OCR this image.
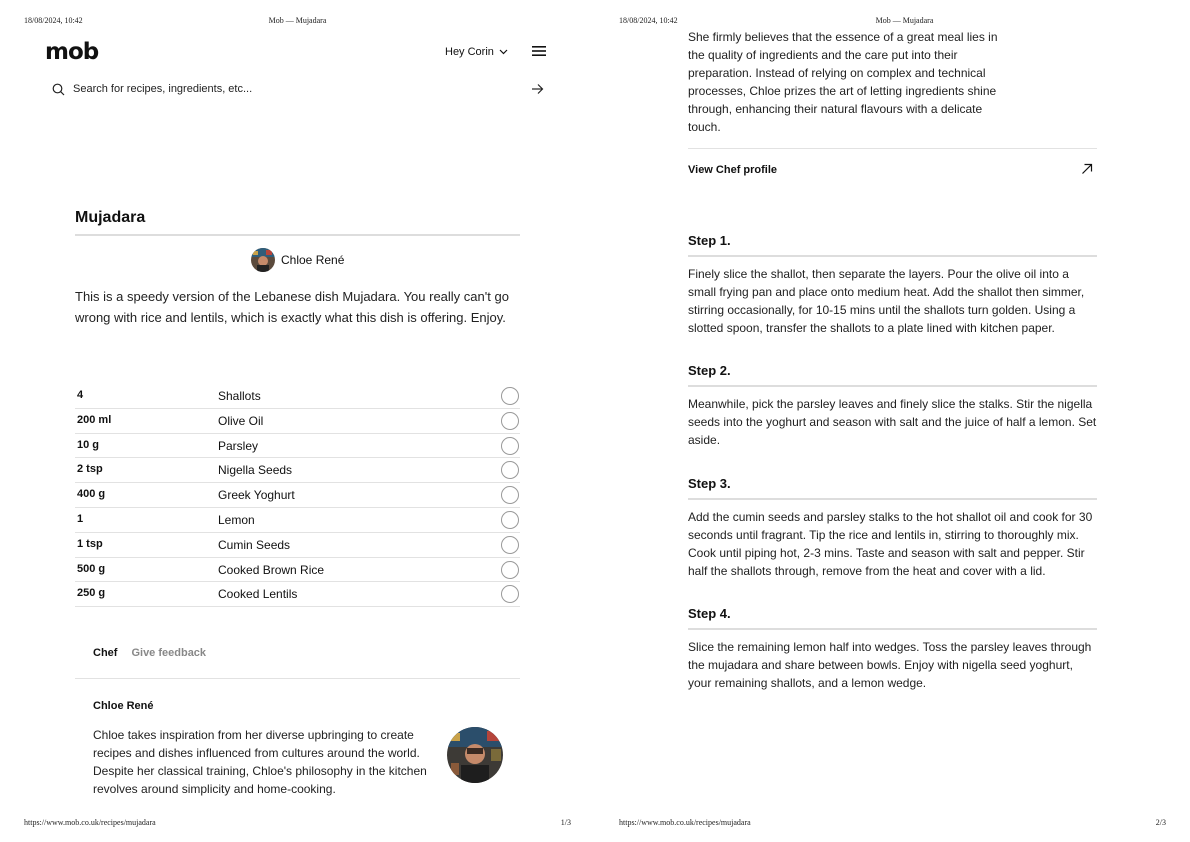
18/08/2024, 10:42	Mob — Mujadara
mob	Hey Corin
Search for recipes, ingredients, etc...
Mujadara
Chloe René

This is a speedy version of the Lebanese dish Mujadara. You really can't go wrong with rice and lentils, which is exactly what this dish is offering. Enjoy.

4	Shallots
200 ml	Olive Oil
10 g	Parsley
2 tsp	Nigella Seeds
400 g	Greek Yoghurt
1	Lemon
1 tsp	Cumin Seeds
500 g	Cooked Brown Rice
250 g	Cooked Lentils
Chef Give feedback
Chloe René

Chloe takes inspiration from her diverse upbringing to create recipes and dishes influenced from cultures around the world. Despite her classical training, Chloe's philosophy in the kitchen revolves around simplicity and home-cooking.

https://www.mob.co.uk/recipes/mujadara	1/3
18/08/2024, 10:42	Mob — Mujadara

She firmly believes that the essence of a great meal lies in the quality of ingredients and the care put into their preparation. Instead of relying on complex and technical processes, Chloe prizes the art of letting ingredients shine through, enhancing their natural flavours with a delicate touch.

View Chef profile
Step 1.

Finely slice the shallot, then separate the layers. Pour the olive oil into a small frying pan and place onto medium heat. Add the shallot then simmer, stirring occasionally, for 10-15 mins until the shallots turn golden. Using a slotted spoon, transfer the shallots to a plate lined with kitchen paper.

Step 2.

Meanwhile, pick the parsley leaves and finely slice the stalks. Stir the nigella seeds into the yoghurt and season with salt and the juice of half a lemon. Set aside.

Step 3.

Add the cumin seeds and parsley stalks to the hot shallot oil and cook for 30 seconds until fragrant. Tip the rice and lentils in, stirring to thoroughly mix. Cook until piping hot, 2-3 mins. Taste and season with salt and pepper. Stir half the shallots through, remove from the heat and cover with a lid.

Step 4.

Slice the remaining lemon half into wedges. Toss the parsley leaves through the mujadara and share between bowls. Enjoy with nigella seed yoghurt, your remaining shallots, and a lemon wedge.

https://www.mob.co.uk/recipes/mujadara	2/3
